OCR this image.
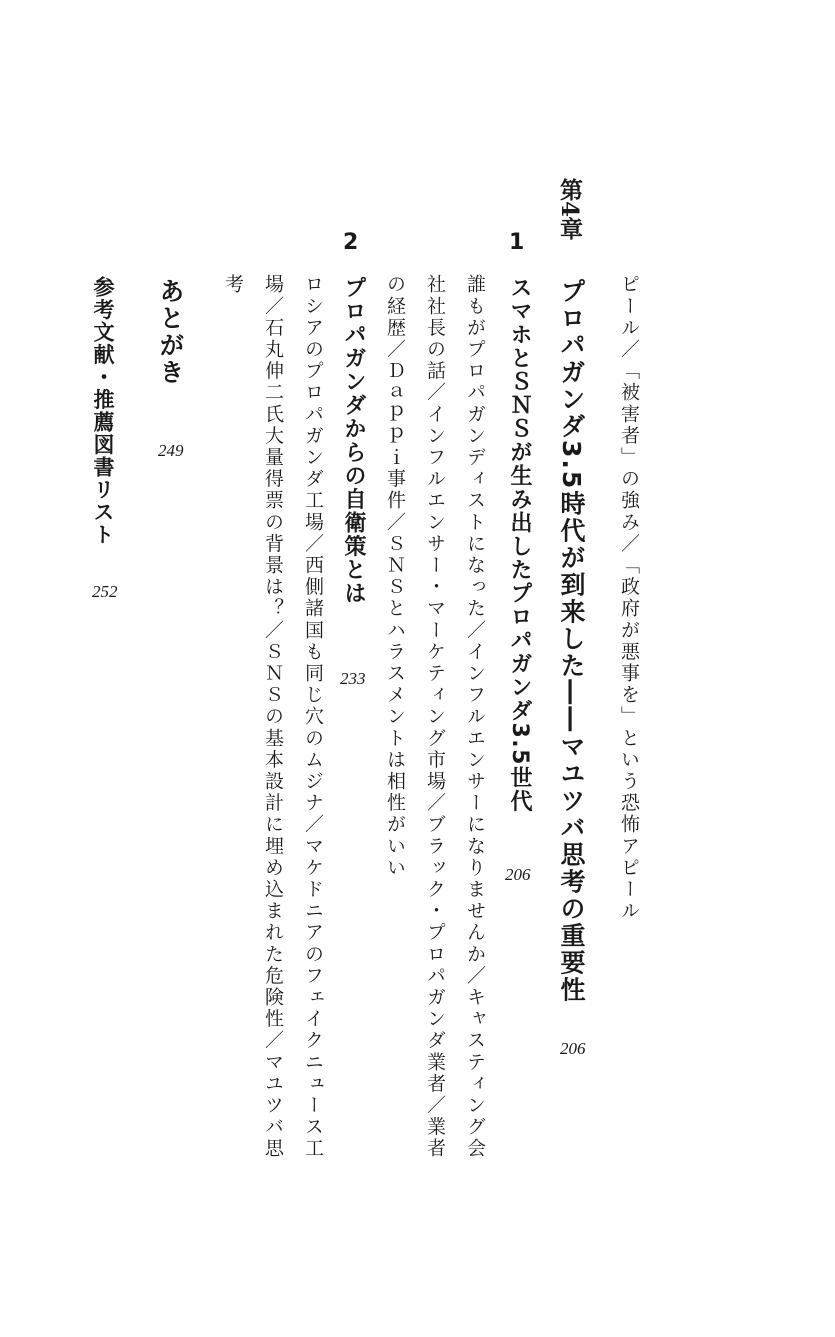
ピール／「被害者」の強み／「政府が悪事を」という恐怖アピール
第4章
プロパガンダ3.5時代が到来した――マユツバ思考の重要性
206
1
スマホとＳＮＳが生み出したプロパガンダ3.5世代
206
誰もがプロパガンディストになった／インフルエンサーになりませんか／キャスティング会
社社長の話／インフルエンサー・マーケティング市場／ブラック・プロパガンダ業者／業者
の経歴／Ｄａｐｐｉ事件／ＳＮＳとハラスメントは相性がいい
2
プロパガンダからの自衛策とは
233
ロシアのプロパガンダ工場／西側諸国も同じ穴のムジナ／マケドニアのフェイクニュース工
場／石丸伸二氏大量得票の背景は？／ＳＮＳの基本設計に埋め込まれた危険性／マユツバ思
考
あとがき
249
参考文献・推薦図書リスト
252
